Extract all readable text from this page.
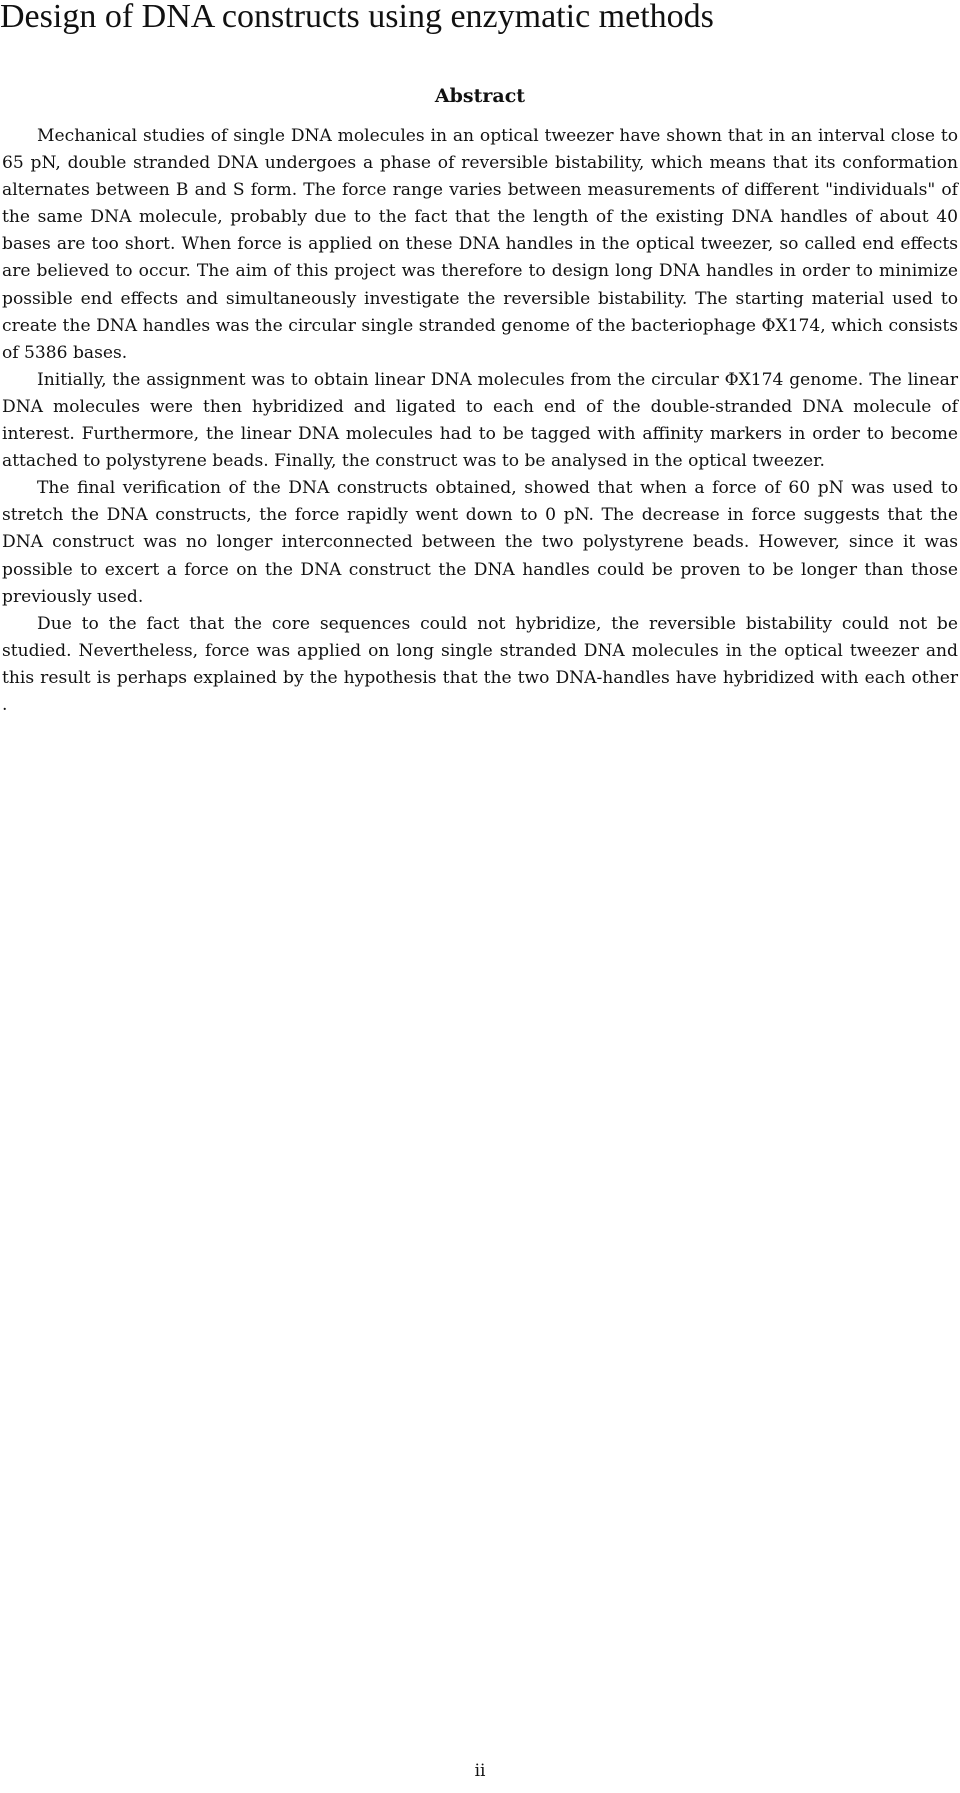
Design of DNA constructs using enzymatic methods
Abstract

Mechanical studies of single DNA molecules in an optical tweezer have shown that in an interval close to 65 pN, double stranded DNA undergoes a phase of reversible bistability, which means that its conformation alternates between B and S form. The force range varies between measurements of different "individuals" of the same DNA molecule, probably due to the fact that the length of the existing DNA handles of about 40 bases are too short. When force is applied on these DNA handles in the optical tweezer, so called end effects are believed to occur. The aim of this project was therefore to design long DNA handles in order to minimize possible end effects and simultaneously investigate the reversible bistability. The starting material used to create the DNA handles was the circular single stranded genome of the bacteriophage ΦX174, which consists of 5386 bases.

Initially, the assignment was to obtain linear DNA molecules from the circular ΦX174 genome. The linear DNA molecules were then hybridized and ligated to each end of the double-stranded DNA molecule of interest. Furthermore, the linear DNA molecules had to be tagged with affinity markers in order to become attached to polystyrene beads. Finally, the construct was to be analysed in the optical tweezer.

The final verification of the DNA constructs obtained, showed that when a force of 60 pN was used to stretch the DNA constructs, the force rapidly went down to 0 pN. The decrease in force suggests that the DNA construct was no longer interconnected between the two polystyrene beads. However, since it was possible to excert a force on the DNA construct the DNA handles could be proven to be longer than those previously used.

Due to the fact that the core sequences could not hybridize, the reversible bistability could not be studied. Nevertheless, force was applied on long single stranded DNA molecules in the optical tweezer and this result is perhaps explained by the hypothesis that the two DNA-handles have hybridized with each other .

ii
